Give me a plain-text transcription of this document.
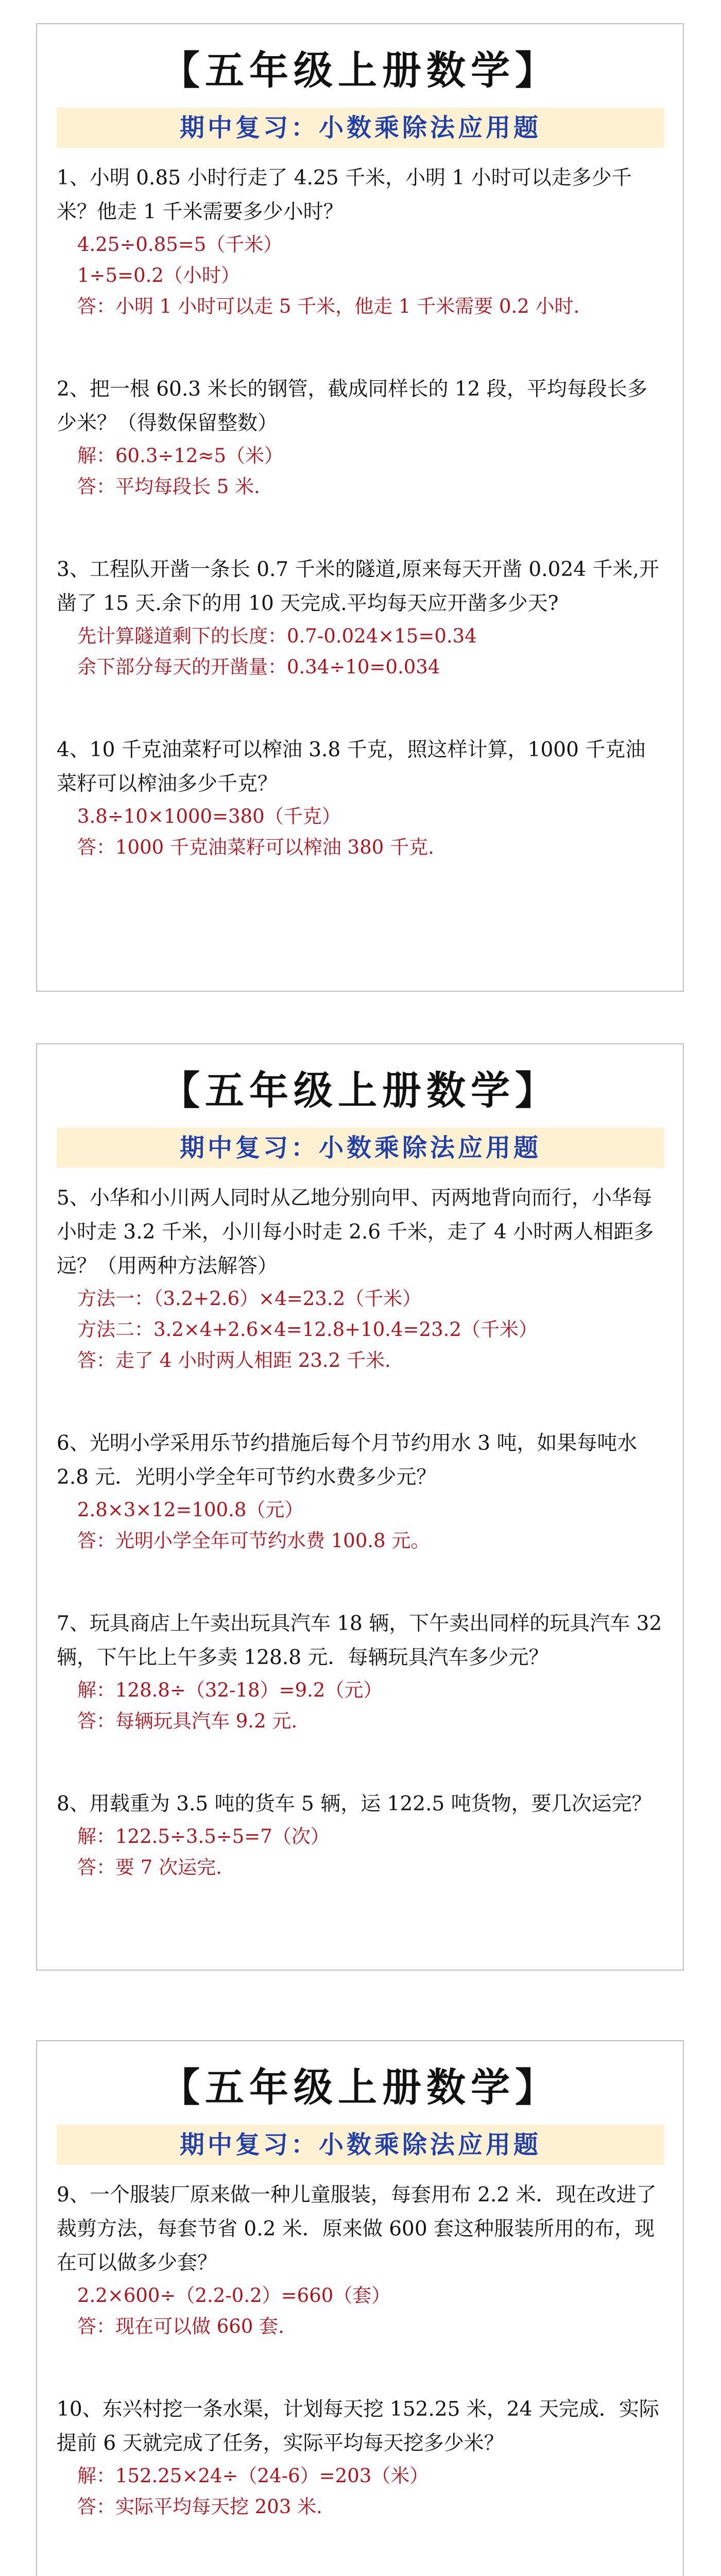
【五年级上册数学】
期中复习：小数乘除法应用题

1、小明 0.85 小时行走了 4.25 千米，小明 1 小时可以走多少千米？他走 1 千米需要多少小时？

4.25÷0.85=5（千米）
1÷5=0.2（小时）
答：小明 1 小时可以走 5 千米，他走 1 千米需要 0.2 小时.

2、把一根 60.3 米长的钢管，截成同样长的 12 段，平均每段长多少米？（得数保留整数）

解：60.3÷12≈5（米）
答：平均每段长 5 米.

3、工程队开凿一条长 0.7 千米的隧道,原来每天开凿 0.024 千米,开凿了 15 天.余下的用 10 天完成.平均每天应开凿多少天?

先计算隧道剩下的长度：0.7-0.024×15=0.34
余下部分每天的开凿量：0.34÷10=0.034

4、10 千克油菜籽可以榨油 3.8 千克，照这样计算，1000 千克油菜籽可以榨油多少千克？

3.8÷10×1000=380（千克）
答：1000 千克油菜籽可以榨油 380 千克.
【五年级上册数学】
期中复习：小数乘除法应用题

5、小华和小川两人同时从乙地分别向甲、丙两地背向而行，小华每小时走 3.2 千米，小川每小时走 2.6 千米，走了 4 小时两人相距多远？（用两种方法解答）

方法一：（3.2+2.6）×4=23.2（千米）
方法二：3.2×4+2.6×4=12.8+10.4=23.2（千米）
答：走了 4 小时两人相距 23.2 千米.

6、光明小学采用乐节约措施后每个月节约用水 3 吨，如果每吨水 2.8 元．光明小学全年可节约水费多少元？

2.8×3×12=100.8（元）
答：光明小学全年可节约水费 100.8 元。

7、玩具商店上午卖出玩具汽车 18 辆，下午卖出同样的玩具汽车 32 辆，下午比上午多卖 128.8 元．每辆玩具汽车多少元？

解：128.8÷（32-18）=9.2（元）
答：每辆玩具汽车 9.2 元.

8、用载重为 3.5 吨的货车 5 辆，运 122.5 吨货物，要几次运完？

解：122.5÷3.5÷5=7（次）
答：要 7 次运完.
【五年级上册数学】
期中复习：小数乘除法应用题

9、一个服装厂原来做一种儿童服装，每套用布 2.2 米．现在改进了裁剪方法，每套节省 0.2 米．原来做 600 套这种服装所用的布，现在可以做多少套？

2.2×600÷（2.2-0.2）=660（套）
答：现在可以做 660 套.

10、东兴村挖一条水渠，计划每天挖 152.25 米，24 天完成．实际提前 6 天就完成了任务，实际平均每天挖多少米？

解：152.25×24÷（24-6）=203（米）
答：实际平均每天挖 203 米.
